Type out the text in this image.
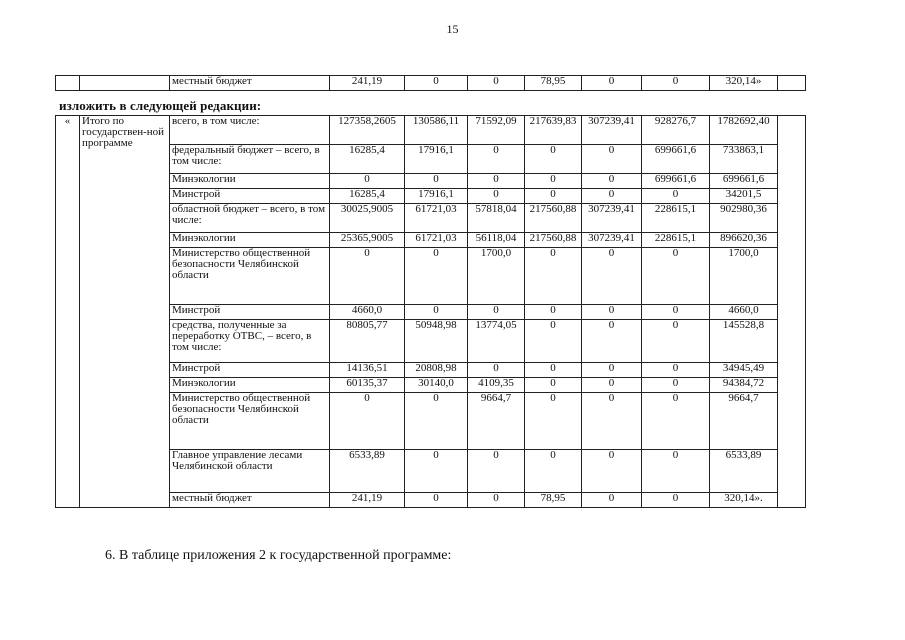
15
		местный бюджет	241,19	0	0	78,95	0	0	320,14»	
изложить в следующей редакции:
«	Итого по государствен-ной программе	всего, в том числе:	127358,2605	130586,11	71592,09	217639,83	307239,41	928276,7	1782692,40	
		федеральный бюджет – всего, в том числе:	16285,4	17916,1	0	0	0	699661,6	733863,1	
		Минэкологии	0	0	0	0	0	699661,6	699661,6	
		Минстрой	16285,4	17916,1	0	0	0	0	34201,5	
		областной бюджет – всего, в том числе:	30025,9005	61721,03	57818,04	217560,88	307239,41	228615,1	902980,36	
		Минэкологии	25365,9005	61721,03	56118,04	217560,88	307239,41	228615,1	896620,36	
		Министерство общественной безопасности Челябинской области	0	0	1700,0	0	0	0	1700,0	
		Минстрой	4660,0	0	0	0	0	0	4660,0	
		средства, полученные за переработку ОТВС, – всего, в том числе:	80805,77	50948,98	13774,05	0	0	0	145528,8	
		Минстрой	14136,51	20808,98	0	0	0	0	34945,49	
		Минэкологии	60135,37	30140,0	4109,35	0	0	0	94384,72	
		Министерство общественной безопасности Челябинской области	0	0	9664,7	0	0	0	9664,7	
		Главное управление лесами Челябинской области	6533,89	0	0	0	0	0	6533,89	
		местный бюджет	241,19	0	0	78,95	0	0	320,14».	
6. В таблице приложения 2 к государственной программе:
